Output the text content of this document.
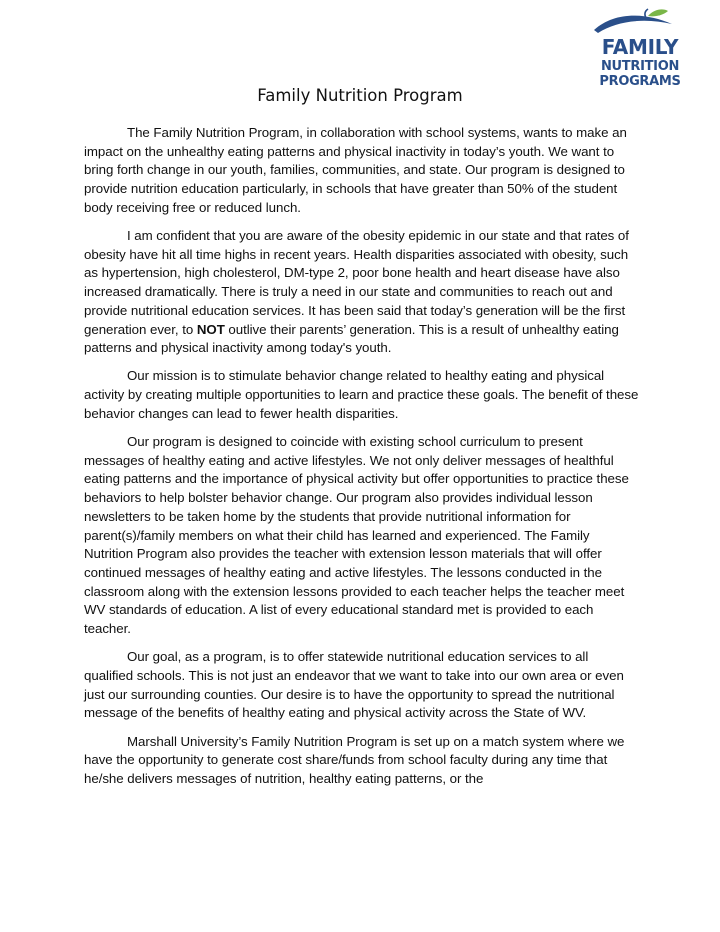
FAMILY
NUTRITION
PROGRAMS
Family Nutrition Program

The Family Nutrition Program, in collaboration with school systems, wants to make an impact on the unhealthy eating patterns and physical inactivity in today’s youth. We want to bring forth change in our youth, families, communities, and state. Our program is designed to provide nutrition education particularly, in schools that have greater than 50% of the student body receiving free or reduced lunch.

I am confident that you are aware of the obesity epidemic in our state and that rates of obesity have hit all time highs in recent years. Health disparities associated with obesity, such as hypertension, high cholesterol, DM-type 2, poor bone health and heart disease have also increased dramatically. There is truly a need in our state and communities to reach out and provide nutritional education services. It has been said that today’s generation will be the first generation ever, to NOT outlive their parents’ generation. This is a result of unhealthy eating patterns and physical inactivity among today's youth.

Our mission is to stimulate behavior change related to healthy eating and physical activity by creating multiple opportunities to learn and practice these goals. The benefit of these behavior changes can lead to fewer health disparities.

Our program is designed to coincide with existing school curriculum to present messages of healthy eating and active lifestyles. We not only deliver messages of healthful eating patterns and the importance of physical activity but offer opportunities to practice these behaviors to help bolster behavior change. Our program also provides individual lesson newsletters to be taken home by the students that provide nutritional information for parent(s)/family members on what their child has learned and experienced. The Family Nutrition Program also provides the teacher with extension lesson materials that will offer continued messages of healthy eating and active lifestyles. The lessons conducted in the classroom along with the extension lessons provided to each teacher helps the teacher meet WV standards of education. A list of every educational standard met is provided to each teacher.

Our goal, as a program, is to offer statewide nutritional education services to all qualified schools. This is not just an endeavor that we want to take into our own area or even just our surrounding counties. Our desire is to have the opportunity to spread the nutritional message of the benefits of healthy eating and physical activity across the State of WV.

Marshall University’s Family Nutrition Program is set up on a match system where we have the opportunity to generate cost share/funds from school faculty during any time that he/she delivers messages of nutrition, healthy eating patterns, or the
